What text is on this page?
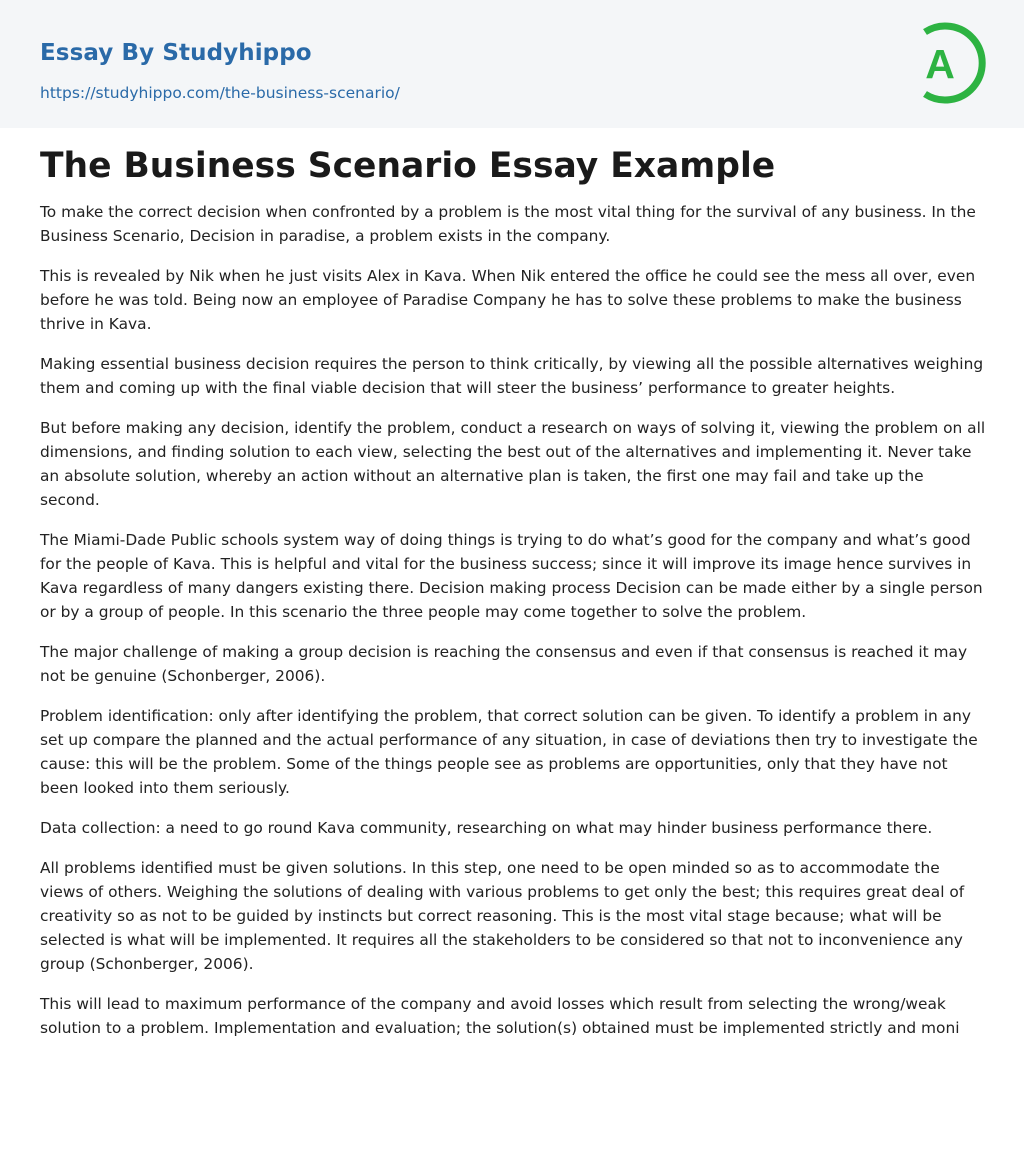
Essay By Studyhippo
https://studyhippo.com/the-business-scenario/
A
The Business Scenario Essay Example

To make the correct decision when confronted by a problem is the most vital thing for the survival of any business. In the Business Scenario, Decision in paradise, a problem exists in the company.

This is revealed by Nik when he just visits Alex in Kava. When Nik entered the office he could see the mess all over, even before he was told. Being now an employee of Paradise Company he has to solve these problems to make the business thrive in Kava.

Making essential business decision requires the person to think critically, by viewing all the possible alternatives weighing them and coming up with the final viable decision that will steer the business’ performance to greater heights.

But before making any decision, identify the problem, conduct a research on ways of solving it, viewing the problem on all dimensions, and finding solution to each view, selecting the best out of the alternatives and implementing it. Never take an absolute solution, whereby an action without an alternative plan is taken, the first one may fail and take up the second.

The Miami-Dade Public schools system way of doing things is trying to do what’s good for the company and what’s good for the people of Kava. This is helpful and vital for the business success; since it will improve its image hence survives in Kava regardless of many dangers existing there. Decision making process Decision can be made either by a single person or by a group of people. In this scenario the three people may come together to solve the problem.

The major challenge of making a group decision is reaching the consensus and even if that consensus is reached it may not be genuine (Schonberger, 2006).

Problem identification: only after identifying the problem, that correct solution can be given. To identify a problem in any set up compare the planned and the actual performance of any situation, in case of deviations then try to investigate the cause: this will be the problem. Some of the things people see as problems are opportunities, only that they have not been looked into them seriously.

Data collection: a need to go round Kava community, researching on what may hinder business performance there.

All problems identified must be given solutions. In this step, one need to be open minded so as to accommodate the views of others. Weighing the solutions of dealing with various problems to get only the best; this requires great deal of creativity so as not to be guided by instincts but correct reasoning. This is the most vital stage because; what will be selected is what will be implemented. It requires all the stakeholders to be considered so that not to inconvenience any group (Schonberger, 2006).

This will lead to maximum performance of the company and avoid losses which result from selecting the wrong/weak solution to a problem. Implementation and evaluation; the solution(s) obtained must be implemented strictly and moni
